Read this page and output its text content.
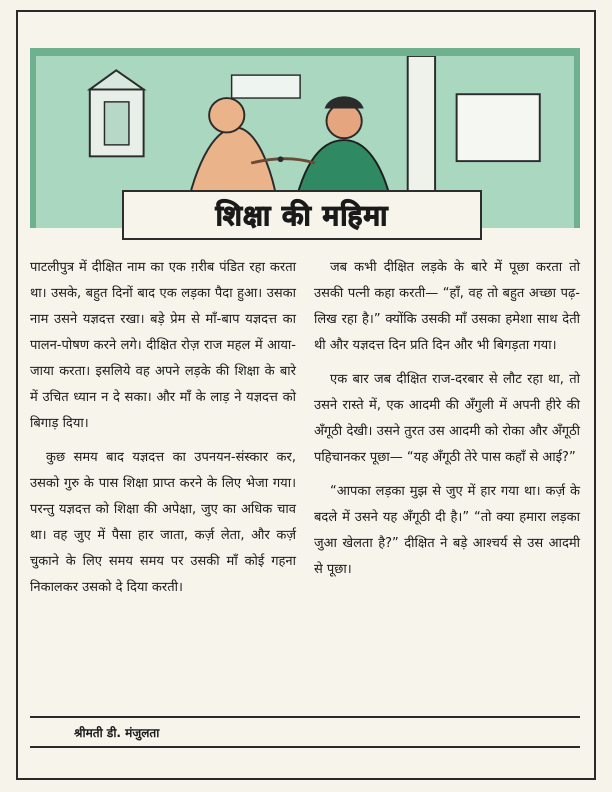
शिक्षा की महिमा

पाटलीपुत्र में दीक्षित नाम का एक ग़रीब पंडित रहा करता था। उसके, बहुत दिनों बाद एक लड़का पैदा हुआ। उसका नाम उसने यज्ञदत्त रखा। बड़े प्रेम से माँ-बाप यज्ञदत्त का पालन-पोषण करने लगे। दीक्षित रोज़ राज महल में आया-जाया करता। इसलिये वह अपने लड़के की शिक्षा के बारे में उचित ध्यान न दे सका। और माँ के लाड़ ने यज्ञदत्त को बिगाड़ दिया।

कुछ समय बाद यज्ञदत्त का उपनयन-संस्कार कर, उसको गुरु के पास शिक्षा प्राप्त करने के लिए भेजा गया। परन्तु यज्ञदत्त को शिक्षा की अपेक्षा, जुए का अधिक चाव था। वह जुए में पैसा हार जाता, कर्ज़ लेता, और कर्ज़ चुकाने के लिए समय समय पर उसकी माँ कोई गहना निकालकर उसको दे दिया करती।

जब कभी दीक्षित लड़के के बारे में पूछा करता तो उसकी पत्नी कहा करती— “हाँ, वह तो बहुत अच्छा पढ़-लिख रहा है।” क्योंकि उसकी माँ उसका हमेशा साथ देती थी और यज्ञदत्त दिन प्रति दिन और भी बिगड़ता गया।

एक बार जब दीक्षित राज-दरबार से लौट रहा था, तो उसने रास्ते में, एक आदमी की अँगुली में अपनी हीरे की अँगूठी देखी। उसने तुरत उस आदमी को रोका और अँगूठी पहिचानकर पूछा— “यह अँगूठी तेरे पास कहाँ से आई?”

“आपका लड़का मुझ से जुए में हार गया था। कर्ज़ के बदले में उसने यह अँगूठी दी है।” “तो क्या हमारा लड़का जुआ खेलता है?” दीक्षित ने बड़े आश्चर्य से उस आदमी से पूछा।

श्रीमती डी. मंजुलता
